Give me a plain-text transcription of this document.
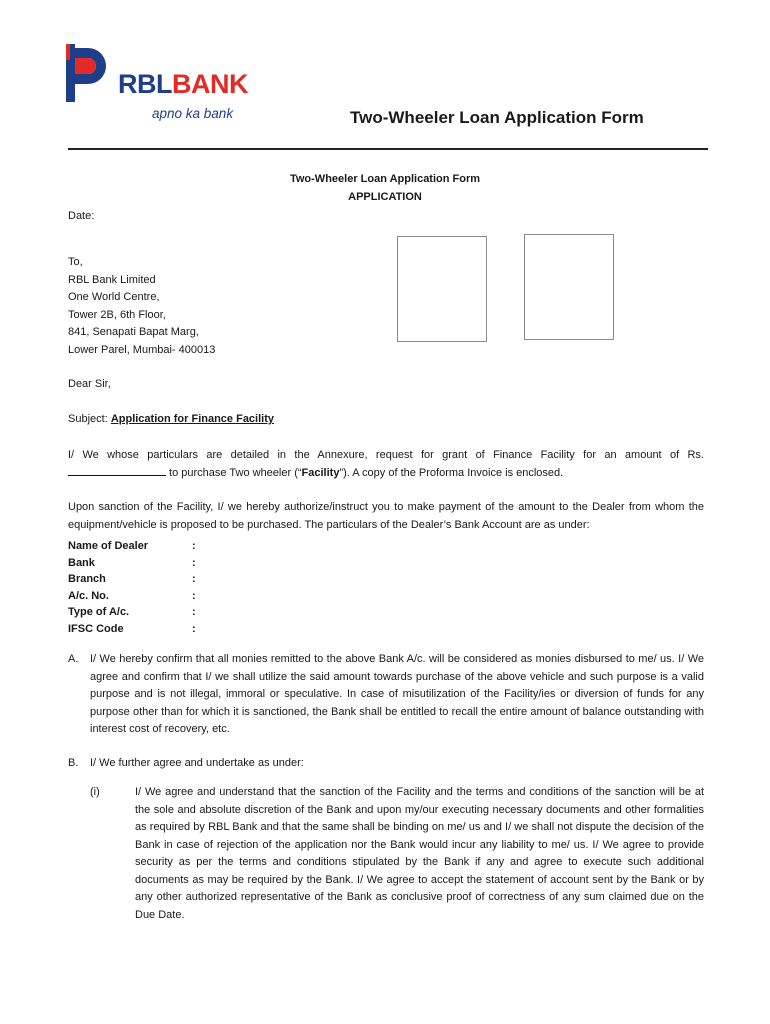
RBLBANK
apno ka bank	Two-Wheeler Loan Application Form
Two-Wheeler Loan Application Form
APPLICATION
Date:
To,
RBL Bank Limited
One World Centre,
Tower 2B, 6th Floor,
841, Senapati Bapat Marg,
Lower Parel, Mumbai- 400013
Dear Sir,
Subject: Application for Finance Facility
I/ We whose particulars are detailed in the Annexure, request for grant of Finance Facility for an amount of Rs.  to purchase Two wheeler (“Facility”). A copy of the Proforma Invoice is enclosed.
Upon sanction of the Facility, I/ we hereby authorize/instruct you to make payment of the amount to the Dealer from whom the equipment/vehicle is proposed to be purchased. The particulars of the Dealer’s Bank Account are as under:
Name of Dealer	:
Bank	:
Branch	:
A/c. No.	:
Type of A/c.	:
IFSC Code	:
A. I/ We hereby confirm that all monies remitted to the above Bank A/c. will be considered as monies disbursed to me/ us. I/ We agree and confirm that I/ we shall utilize the said amount towards purchase of the above vehicle and such purpose is a valid purpose and is not illegal, immoral or speculative. In case of misutilization of the Facility/ies or diversion of funds for any purpose other than for which it is sanctioned, the Bank shall be entitled to recall the entire amount of balance outstanding with interest cost of recovery, etc.
B. I/ We further agree and undertake as under:
(i)	I/ We agree and understand that the sanction of the Facility and the terms and conditions of the sanction will be at the sole and absolute discretion of the Bank and upon my/our executing necessary documents and other formalities as required by RBL Bank and that the same shall be binding on me/ us and I/ we shall not dispute the decision of the Bank in case of rejection of the application nor the Bank would incur any liability to me/ us. I/ We agree to provide security as per the terms and conditions stipulated by the Bank if any and agree to execute such additional documents as may be required by the Bank. I/ We agree to accept the statement of account sent by the Bank or by any other authorized representative of the Bank as conclusive proof of correctness of any sum claimed due on the Due Date.
